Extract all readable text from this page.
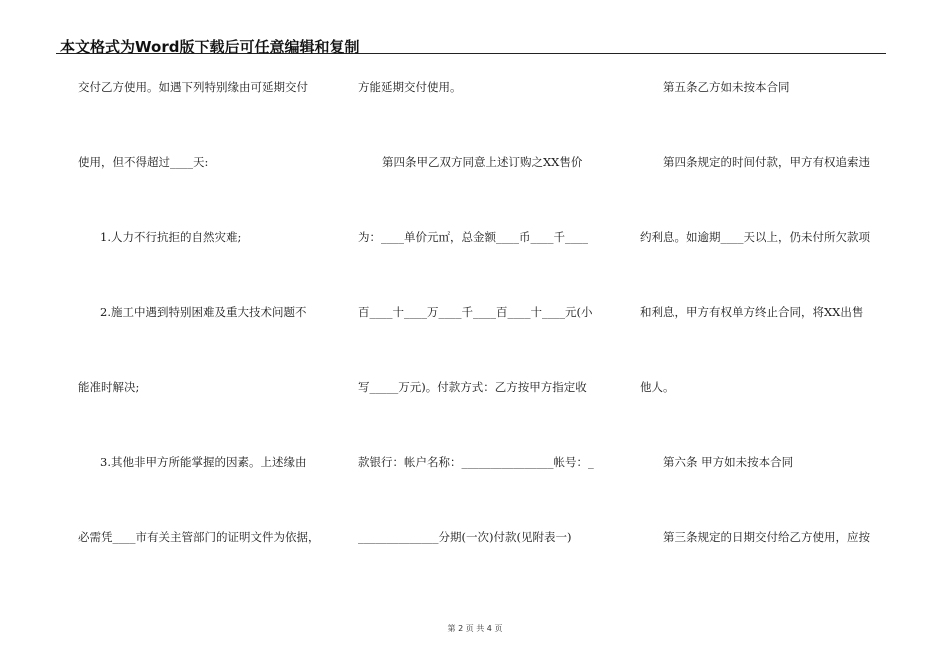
本文格式为Word版下载后可任意编辑和复制
交付乙方使用。如遇下列特别缘由可延期交付
使用，但不得超过____天:
1.人力不行抗拒的自然灾难;
2.施工中遇到特别困难及重大技术问题不
能准时解决;
3.其他非甲方所能掌握的因素。上述缘由
必需凭____市有关主管部门的证明文件为依据，
方能延期交付使用。
第四条甲乙双方同意上述订购之XX售价
为：____单价元㎡，总金额____币____千____
百____十____万____千____百____十____元(小
写_____万元)。付款方式：乙方按甲方指定收
款银行：帐户名称：________________帐号：_
______________分期(一次)付款(见附表一)
第五条乙方如未按本合同
第四条规定的时间付款，甲方有权追索违
约利息。如逾期____天以上，仍未付所欠款项
和利息，甲方有权单方终止合同，将XX出售
他人。
第六条 甲方如未按本合同
第三条规定的日期交付给乙方使用，应按
第 2 页 共 4 页
